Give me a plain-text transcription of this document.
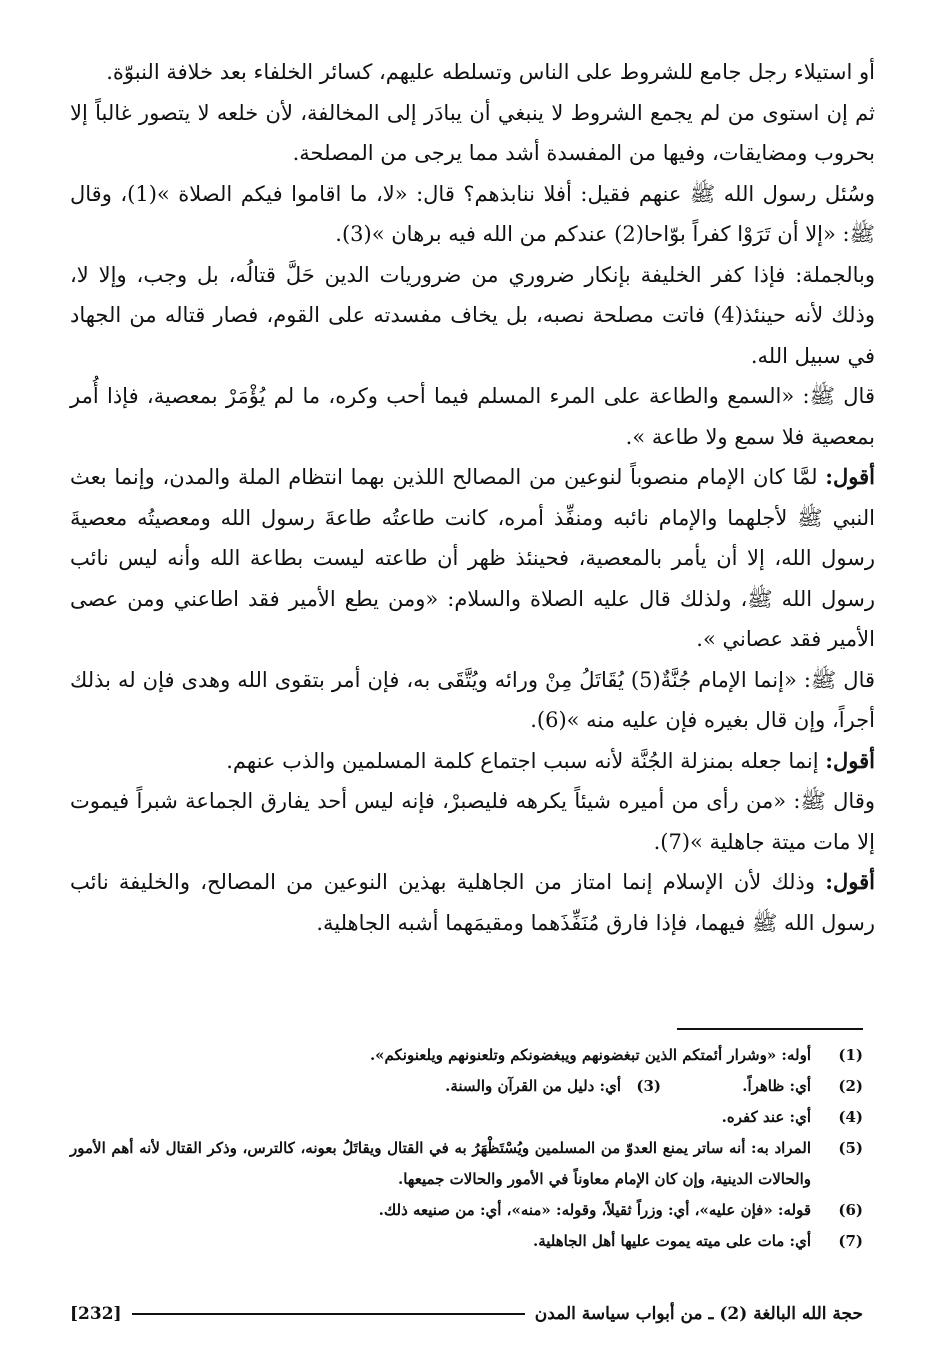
أو استيلاء رجل جامع للشروط على الناس وتسلطه عليهم، كسائر الخلفاء بعد خلافة النبوّة.

ثم إن استوى من لم يجمع الشروط لا ينبغي أن يبادَر إلى المخالفة، لأن خلعه لا يتصور غالباً إلا بحروب ومضايقات، وفيها من المفسدة أشد مما يرجى من المصلحة.

وسُئل رسول الله ﷺ عنهم فقيل: أفلا ننابذهم؟ قال: «لا، ما اقاموا فيكم الصلاة »(1)، وقال ﷺ: «إلا أن تَرَوْا كفراً بوّاحا(2) عندكم من الله فيه برهان »(3).

وبالجملة: فإذا كفر الخليفة بإنكار ضروري من ضروريات الدين حَلَّ قتالُه، بل وجب، وإلا لا، وذلك لأنه حينئذ(4) فاتت مصلحة نصبه، بل يخاف مفسدته على القوم، فصار قتاله من الجهاد في سبيل الله.

قال ﷺ: «السمع والطاعة على المرء المسلم فيما أحب وكره، ما لم يُؤْمَرْ بمعصية، فإذا أُمر بمعصية فلا سمع ولا طاعة ».

أقول: لمَّا كان الإمام منصوباً لنوعين من المصالح اللذين بهما انتظام الملة والمدن، وإنما بعث النبي ﷺ لأجلهما والإمام نائبه ومنفِّذ أمره، كانت طاعتُه طاعةَ رسول الله ومعصيتُه معصيةَ رسول الله، إلا أن يأمر بالمعصية، فحينئذ ظهر أن طاعته ليست بطاعة الله وأنه ليس نائب رسول الله ﷺ، ولذلك قال عليه الصلاة والسلام: «ومن يطع الأمير فقد اطاعني ومن عصى الأمير فقد عصاني ».

قال ﷺ: «إنما الإمام جُنَّةٌ(5) يُقَاتَلُ مِنْ ورائه ويُتَّقَى به، فإن أمر بتقوى الله وهدى فإن له بذلك أجراً، وإن قال بغيره فإن عليه منه »(6).

أقول: إنما جعله بمنزلة الجُنَّة لأنه سبب اجتماع كلمة المسلمين والذب عنهم.

وقال ﷺ: «من رأى من أميره شيئاً يكرهه فليصبرْ، فإنه ليس أحد يفارق الجماعة شبراً فيموت إلا مات ميتة جاهلية »(7).

أقول: وذلك لأن الإسلام إنما امتاز من الجاهلية بهذين النوعين من المصالح، والخليفة نائب رسول الله ﷺ فيهما، فإذا فارق مُنَفِّذَهما ومقيمَهما أشبه الجاهلية.

(1)
أوله: «وشرار أئمتكم الذين تبغضونهم ويبغضونكم وتلعنونهم ويلعنونكم».
(2)
أي: ظاهراً.
(3)
أي: دليل من القرآن والسنة.
(4)
أي: عند كفره.
(5)
المراد به: أنه ساتر يمنع العدوّ من المسلمين ويُسْتَظْهَرُ به في القتال ويقاتَلُ بعونه، كالترس، وذكر القتال لأنه أهم الأمور والحالات الدينية، وإن كان الإمام معاوناً في الأمور والحالات جميعها.
(6)
قوله: «فإن عليه»، أي: وزراً ثقيلاً، وقوله: «منه»، أي: من صنيعه ذلك.
(7)
أي: مات على ميته يموت عليها أهل الجاهلية.
حجة الله البالغة (2) ـ من أبواب سياسة المدن
[232]
